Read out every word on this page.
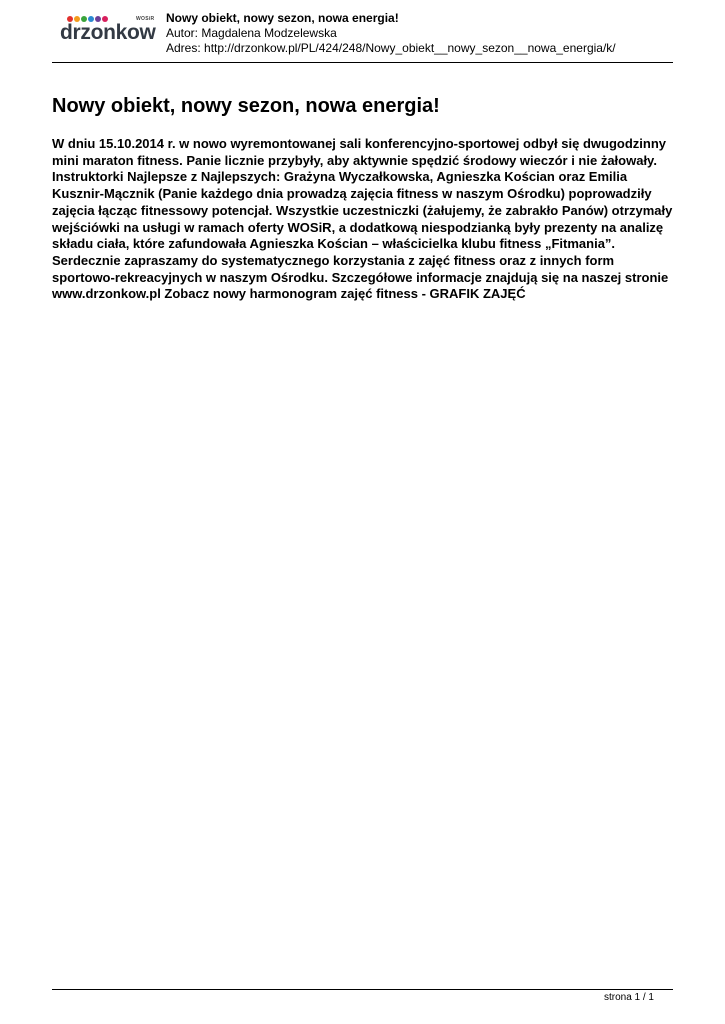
WOSiR
drzonkow
Nowy obiekt, nowy sezon, nowa energia!
Autor: Magdalena Modzelewska
Adres: http://drzonkow.pl/PL/424/248/Nowy_obiekt__nowy_sezon__nowa_energia/k/
Nowy obiekt, nowy sezon, nowa energia!

W dniu 15.10.2014 r. w nowo wyremontowanej sali konferencyjno-sportowej odbył się dwugodzinny mini maraton fitness. Panie licznie przybyły, aby aktywnie spędzić środowy wieczór i nie żałowały. Instruktorki Najlepsze z Najlepszych: Grażyna Wyczałkowska, Agnieszka Kościan oraz Emilia Kusznir-Mącznik (Panie każdego dnia prowadzą zajęcia fitness w naszym Ośrodku) poprowadziły zajęcia łącząc fitnessowy potencjał. Wszystkie uczestniczki (żałujemy, że zabrakło Panów) otrzymały wejściówki na usługi w ramach oferty WOSiR, a dodatkową niespodzianką były prezenty na analizę składu ciała, które zafundowała Agnieszka Kościan – właścicielka klubu fitness „Fitmania”. Serdecznie zapraszamy do systematycznego korzystania z zajęć fitness oraz z innych form sportowo-rekreacyjnych w naszym Ośrodku. Szczegółowe informacje znajdują się na naszej stronie www.drzonkow.pl Zobacz nowy harmonogram zajęć fitness - GRAFIK ZAJĘĆ

strona 1 / 1
